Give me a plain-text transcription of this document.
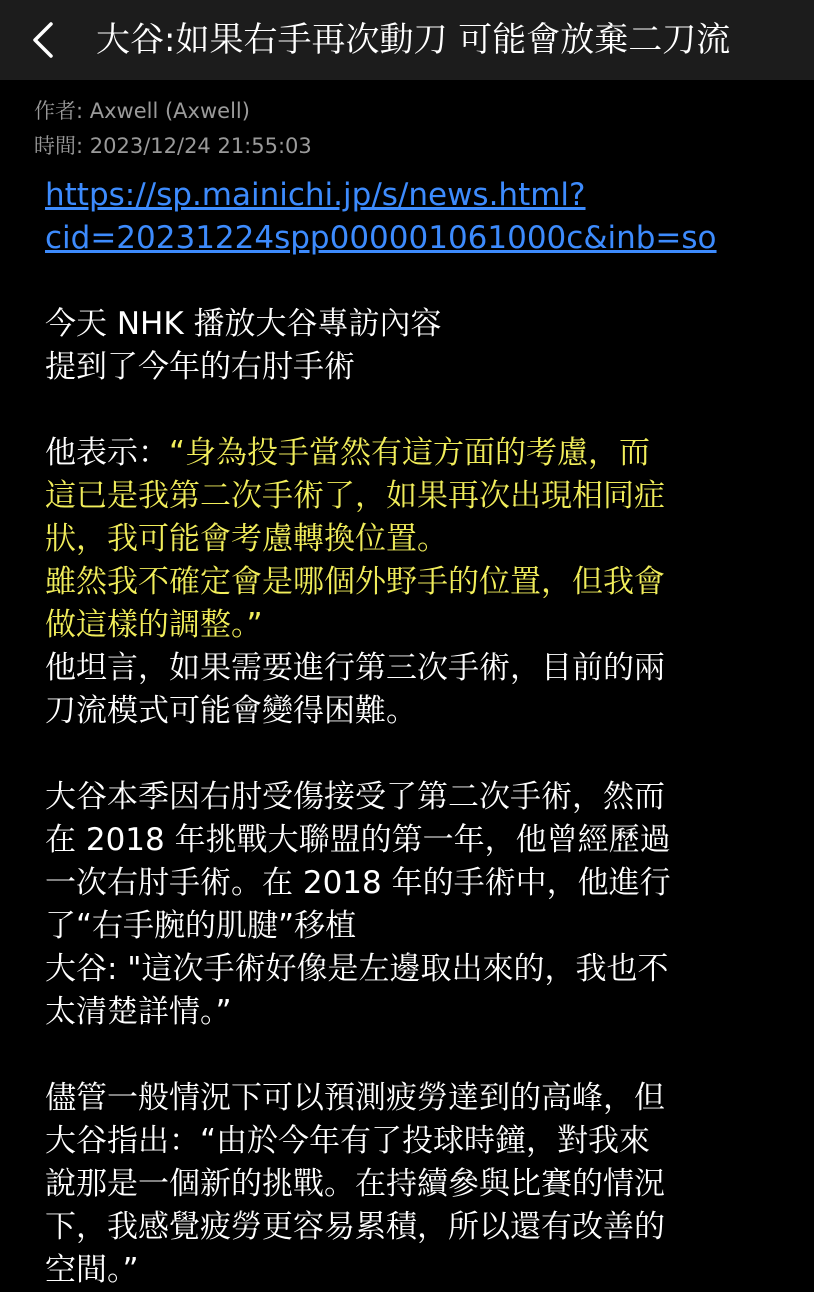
大谷:如果右手再次動刀 可能會放棄二刀流
作者: Axwell (Axwell)
時間: 2023/12/24 21:55:03
https://sp.mainichi.jp/s/news.html?
cid=20231224spp000001061000c&inb=so
今天 NHK 播放大谷專訪內容
提到了今年的右肘手術
他表示：“身為投手當然有這方面的考慮，而
這已是我第二次手術了，如果再次出現相同症
狀，我可能會考慮轉換位置。
雖然我不確定會是哪個外野手的位置，但我會
做這樣的調整。”
他坦言，如果需要進行第三次手術，目前的兩
刀流模式可能會變得困難。
大谷本季因右肘受傷接受了第二次手術，然而
在 2018 年挑戰大聯盟的第一年，他曾經歷過
一次右肘手術。在 2018 年的手術中，他進行
了“右手腕的肌腱”移植
大谷: "這次手術好像是左邊取出來的，我也不
太清楚詳情。”
儘管一般情況下可以預測疲勞達到的高峰，但
大谷指出：“由於今年有了投球時鐘，對我來
說那是一個新的挑戰。在持續參與比賽的情況
下，我感覺疲勞更容易累積，所以還有改善的
空間。”
